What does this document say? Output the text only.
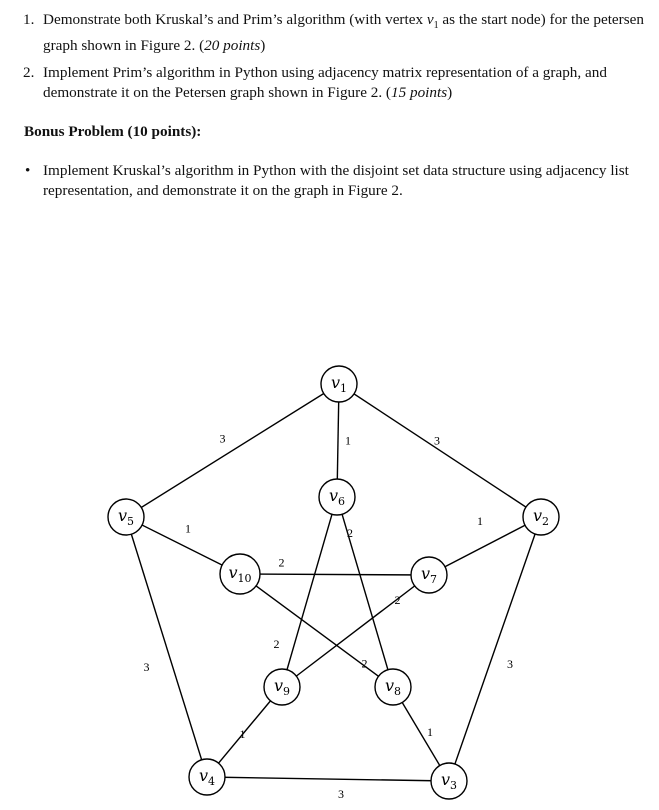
1. Demonstrate both Kruskal’s and Prim’s algorithm (with vertex $v_1$ as the start node) for the petersen graph shown in Figure 2. (20 points)
2. Implement Prim’s algorithm in Python using adjacency matrix representation of a graph, and demonstrate it on the Petersen graph shown in Figure 2. (15 points)
Bonus Problem (10 points):
• Implement Kruskal’s algorithm in Python with the disjoint set data structure using adjacency list representation, and demonstrate it on the graph in Figure 2.
3
3	1
3
1
3
1
3
1
1	2
2
2
2
2
$v_1$
$v_2$
$v_3$
$v_4$
$v_5$
$v_6$
$v_7$
$v_8$
$v_9$
$v_{10}$
